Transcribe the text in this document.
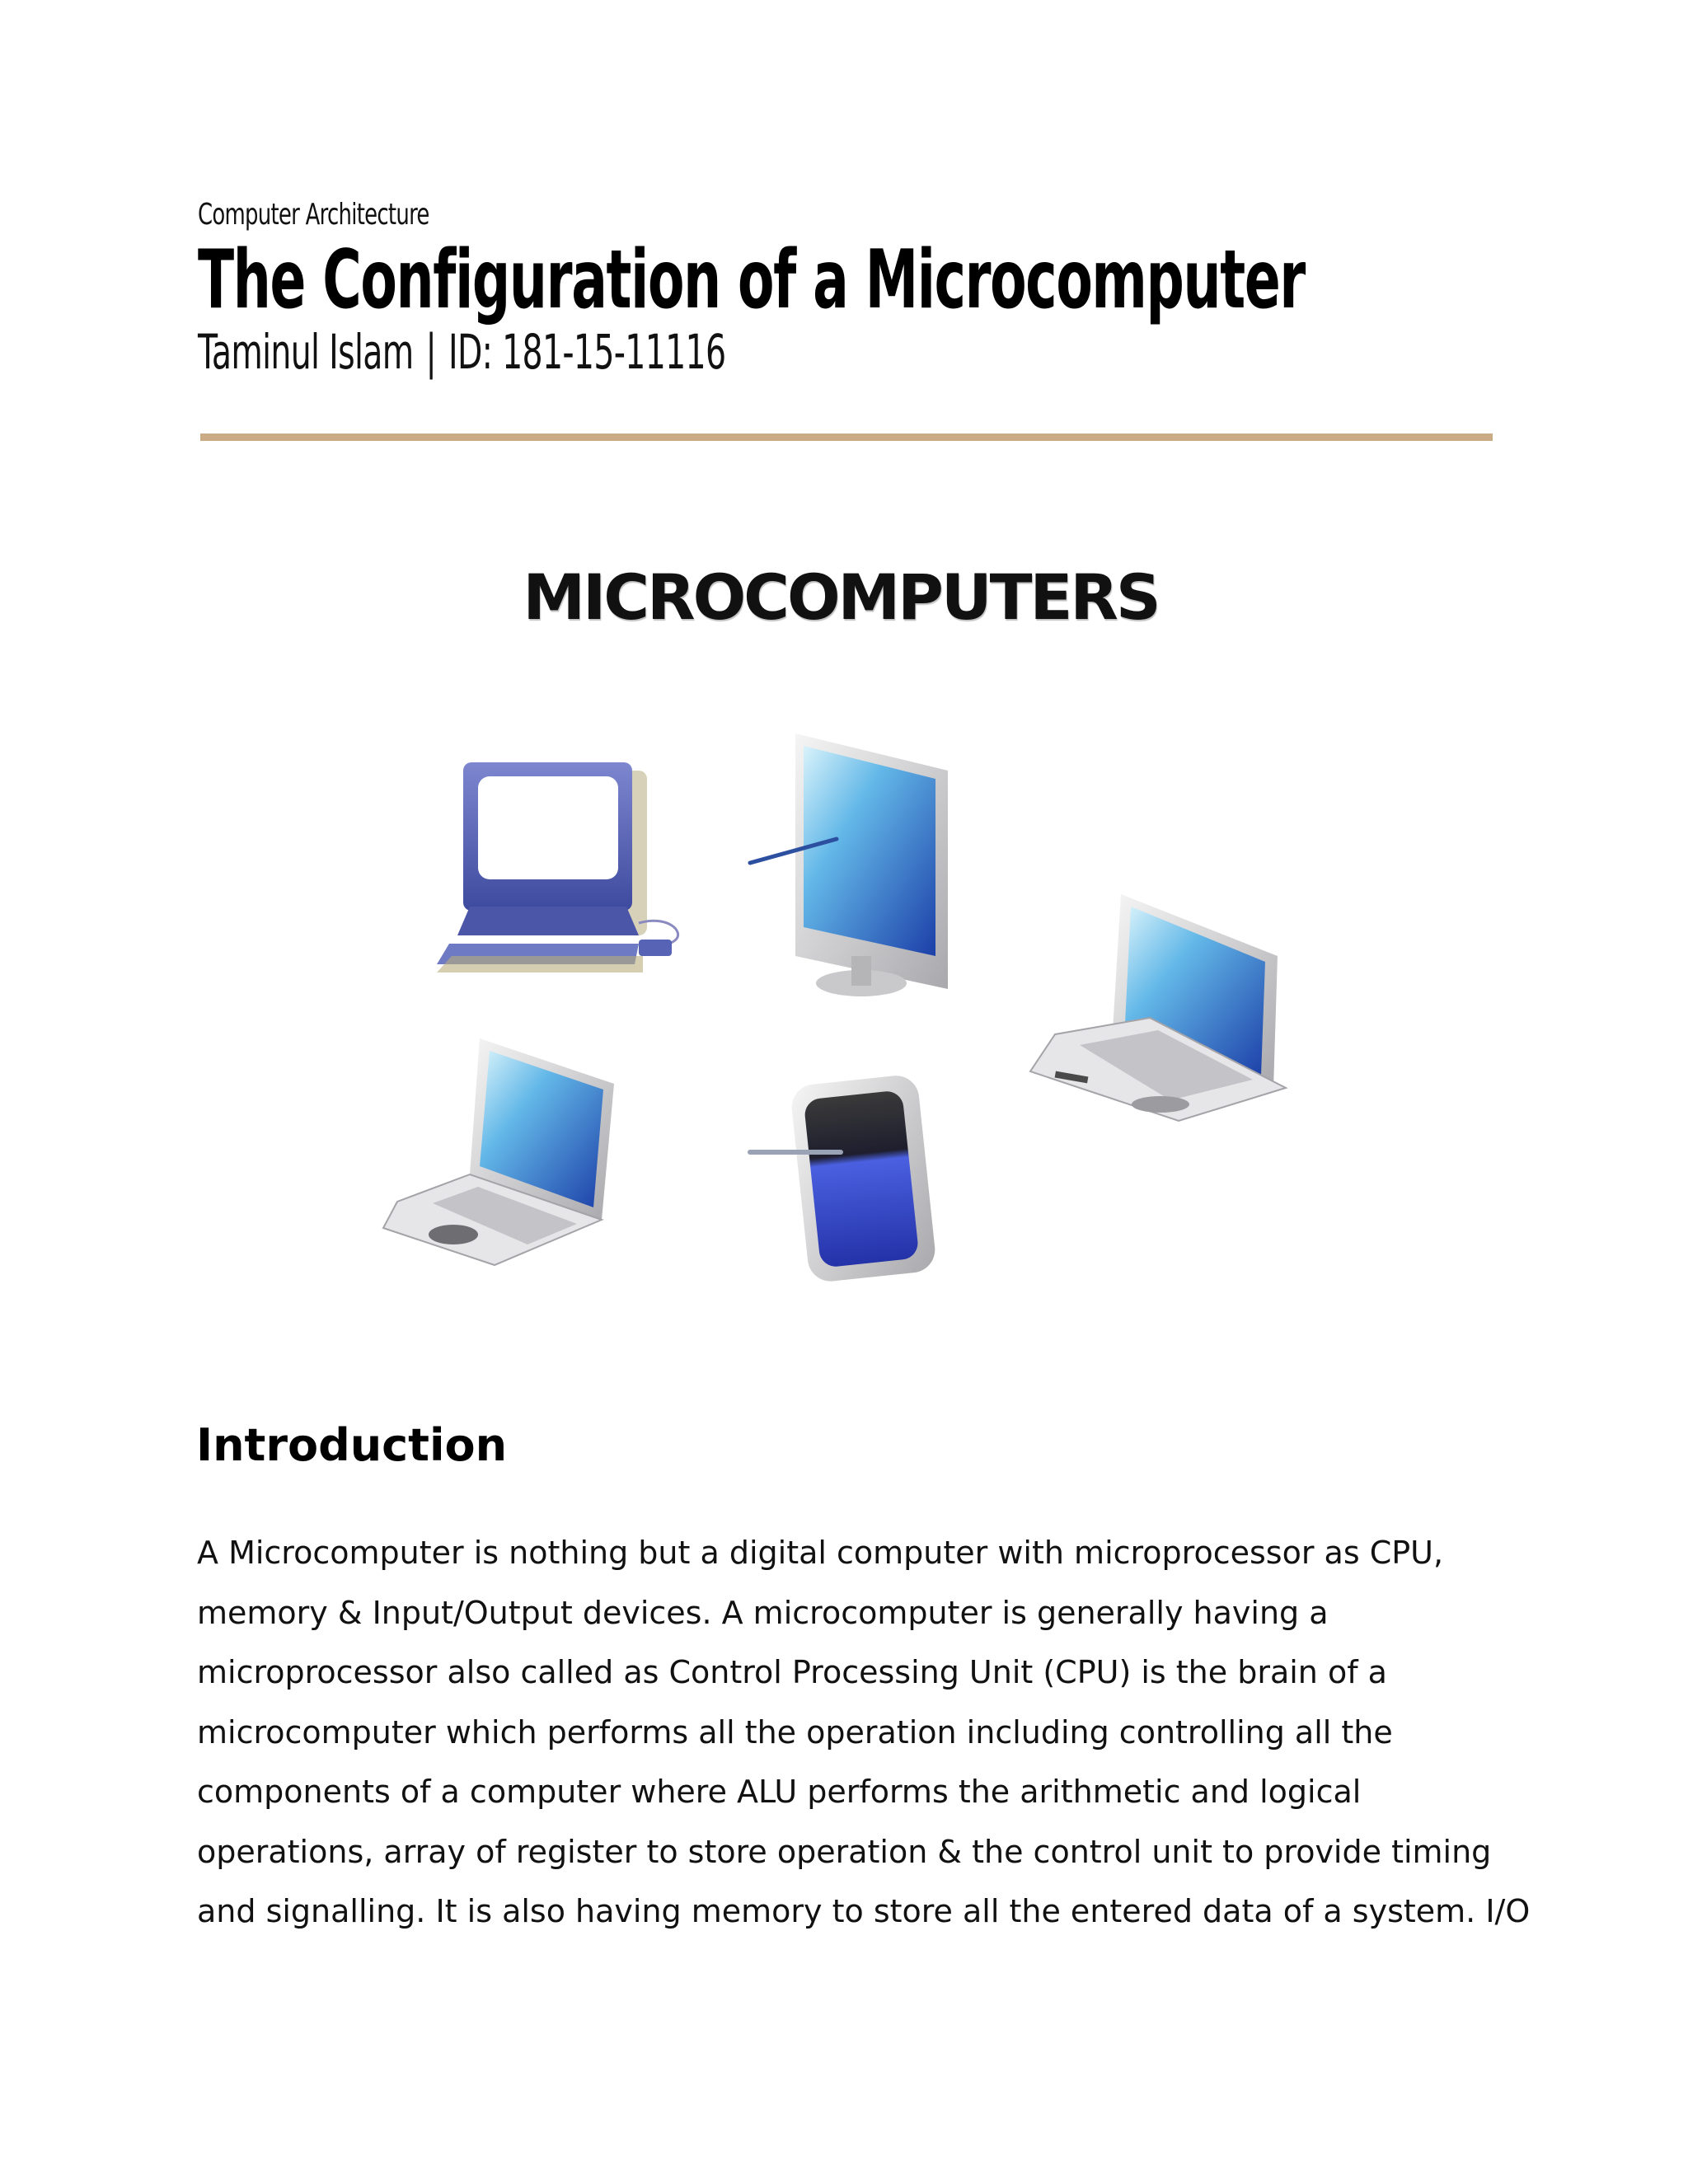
Computer Architecture

The Configuration of a Microcomputer

Taminul Islam | ID: 181-15-11116

MICROCOMPUTERS
Introduction

A Microcomputer is nothing but a digital computer with microprocessor as CPU,
memory & Input/Output devices. A microcomputer is generally having a
microprocessor also called as Control Processing Unit (CPU) is the brain of a
microcomputer which performs all the operation including controlling all the
components of a computer where ALU performs the arithmetic and logical
operations, array of register to store operation & the control unit to provide timing
and signalling. It is also having memory to store all the entered data of a system. I/O
